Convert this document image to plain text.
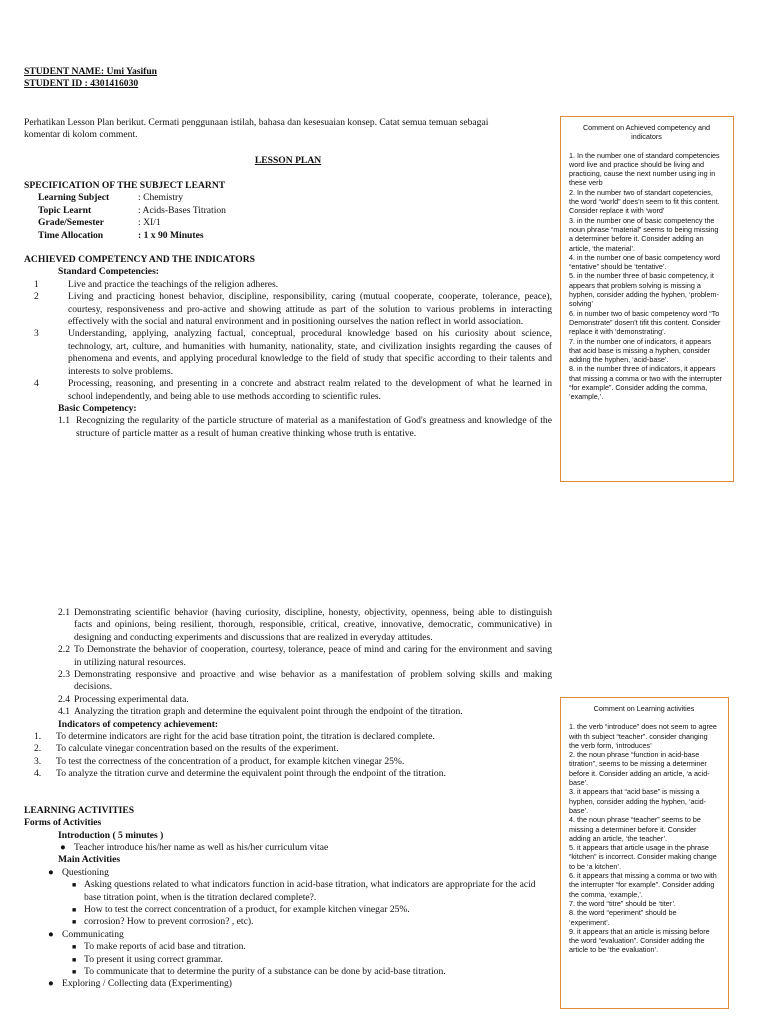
STUDENT NAME: Umi Yasifun
STUDENT ID : 4301416030
Perhatikan Lesson Plan berikut. Cermati penggunaan istilah, bahasa dan kesesuaian konsep. Catat semua temuan sebagai komentar di kolom comment.
LESSON PLAN
SPECIFICATION OF THE SUBJECT LEARNT
Learning Subject	: Chemistry
Topic Learnt	: Acids-Bases Titration
Grade/Semester	: XI/1
Time Allocation	: 1 x 90 Minutes
ACHIEVED COMPETENCY AND THE INDICATORS
Standard Competencies:
1	Live and practice the teachings of the religion adheres.
2	Living and practicing honest behavior, discipline, responsibility, caring (mutual cooperate, cooperate, tolerance, peace), courtesy, responsiveness and pro-active and showing attitude as part of the solution to various problems in interacting effectively with the social and natural environment and in positioning ourselves the nation reflect in world association.
3	Understanding, applying, analyzing factual, conceptual, procedural knowledge based on his curiosity about science, technology, art, culture, and humanities with humanity, nationality, state, and civilization insights regarding the causes of phenomena and events, and applying procedural knowledge to the field of study that specific according to their talents and interests to solve problems.
4	Processing, reasoning, and presenting in a concrete and abstract realm related to the development of what he learned in school independently, and being able to use methods according to scientific rules.
Basic Competency:
1.1 Recognizing the regularity of the particle structure of material as a manifestation of God's greatness and knowledge of the structure of particle matter as a result of human creative thinking whose truth is entative.
2.1 Demonstrating scientific behavior (having curiosity, discipline, honesty, objectivity, openness, being able to distinguish facts and opinions, being resilient, thorough, responsible, critical, creative, innovative, democratic, communicative) in designing and conducting experiments and discussions that are realized in everyday attitudes.
2.2 To Demonstrate the behavior of cooperation, courtesy, tolerance, peace of mind and caring for the environment and saving in utilizing natural resources.
2.3 Demonstrating responsive and proactive and wise behavior as a manifestation of problem solving skills and making decisions.
2.4 Processing experimental data.
4.1 Analyzing the titration graph and determine the equivalent point through the endpoint of the titration.
Indicators of competency achievement:
1.	To determine indicators are right for the acid base titration point, the titration is declared complete.
2.	To calculate vinegar concentration based on the results of the experiment.
3.	To test the correctness of the concentration of a product, for example kitchen vinegar 25%.
4.	To analyze the titration curve and determine the equivalent point through the endpoint of the titration.
LEARNING ACTIVITIES
Forms of Activities
Introduction ( 5 minutes )
● Teacher introduce his/her name as well as his/her curriculum vitae
Main Activities
● Questioning
■ Asking questions related to what indicators function in acid-base titration, what indicators are appropriate for the acid base titration point, when is the titration declared complete?.
■ How to test the correct concentration of a product, for example kitchen vinegar 25%.
■ corrosion? How to prevent corrosion? , etc).
● Communicating
■ To make reports of acid base and titration.
■ To present it using correct grammar.
■ To communicate that to determine the purity of a substance can be done by acid-base titration.
● Exploring / Collecting data (Experimenting)
Comment on Achieved competency and indicators

1. In the number one of standard competencies word live and practice should be living and practicing, cause the next number using ing in these verb
2. In the number two of standart copetencies, the word “world” does’n seem to fit this content. Consider replace it with ‘word’
3. in the number one of basic competency the noun phrase “material” seems to being missing a determiner before it. Consider adding an article, ‘the material’.
4. in the number one of basic competency word “entative” should be ‘tentative’.
5. in the number three of basic competency, it appears that problem solving is missing a hyphen, consider adding the hyphen, ‘problem-solving’
6. in number two of basic competency word “To Demonstrate” dosen’t tifit this content. Consider replace it with ‘demonstrating’.
7. in the number one of indicators, it appears that acid base is missing a hyphen, consider adding the hyphen, ‘acid-base’.
8. in the number three of indicators, it appears that missing a comma or two with the interrupter “for example”. Consider adding the comma, ‘example,’.

Comment on Learning activities

1. the verb “introduce” does not seem to agree with th subject “teacher”. consider changing the verb form, ‘introduces’
2. the noun phrase “function in acid-base titration”, seems to be missing a determiner before it. Consider adding an article, ‘a acid-base’.
3. it appears that “acid base” is missing a hyphen, consider adding the hyphen, ‘acid-base’.
4. the noun phrase “teacher” seems to be missing a determiner before it. Consider adding an article, ‘the teacher’.
5. it appears that article usage in the phrase “kitchen” is incorrect. Consider making change to be ‘a kitchen’.
6. it appears that missing a comma or two with the interrupter “for example”. Consider adding the comma, ‘example,’.
7. the word “titre” should be ‘titer’.
8. the word “eperiment” should be ‘experiment’.
9. it appears that an article is missing before the word “evaluation”. Consider adding the article to be ‘the evaluation’.
